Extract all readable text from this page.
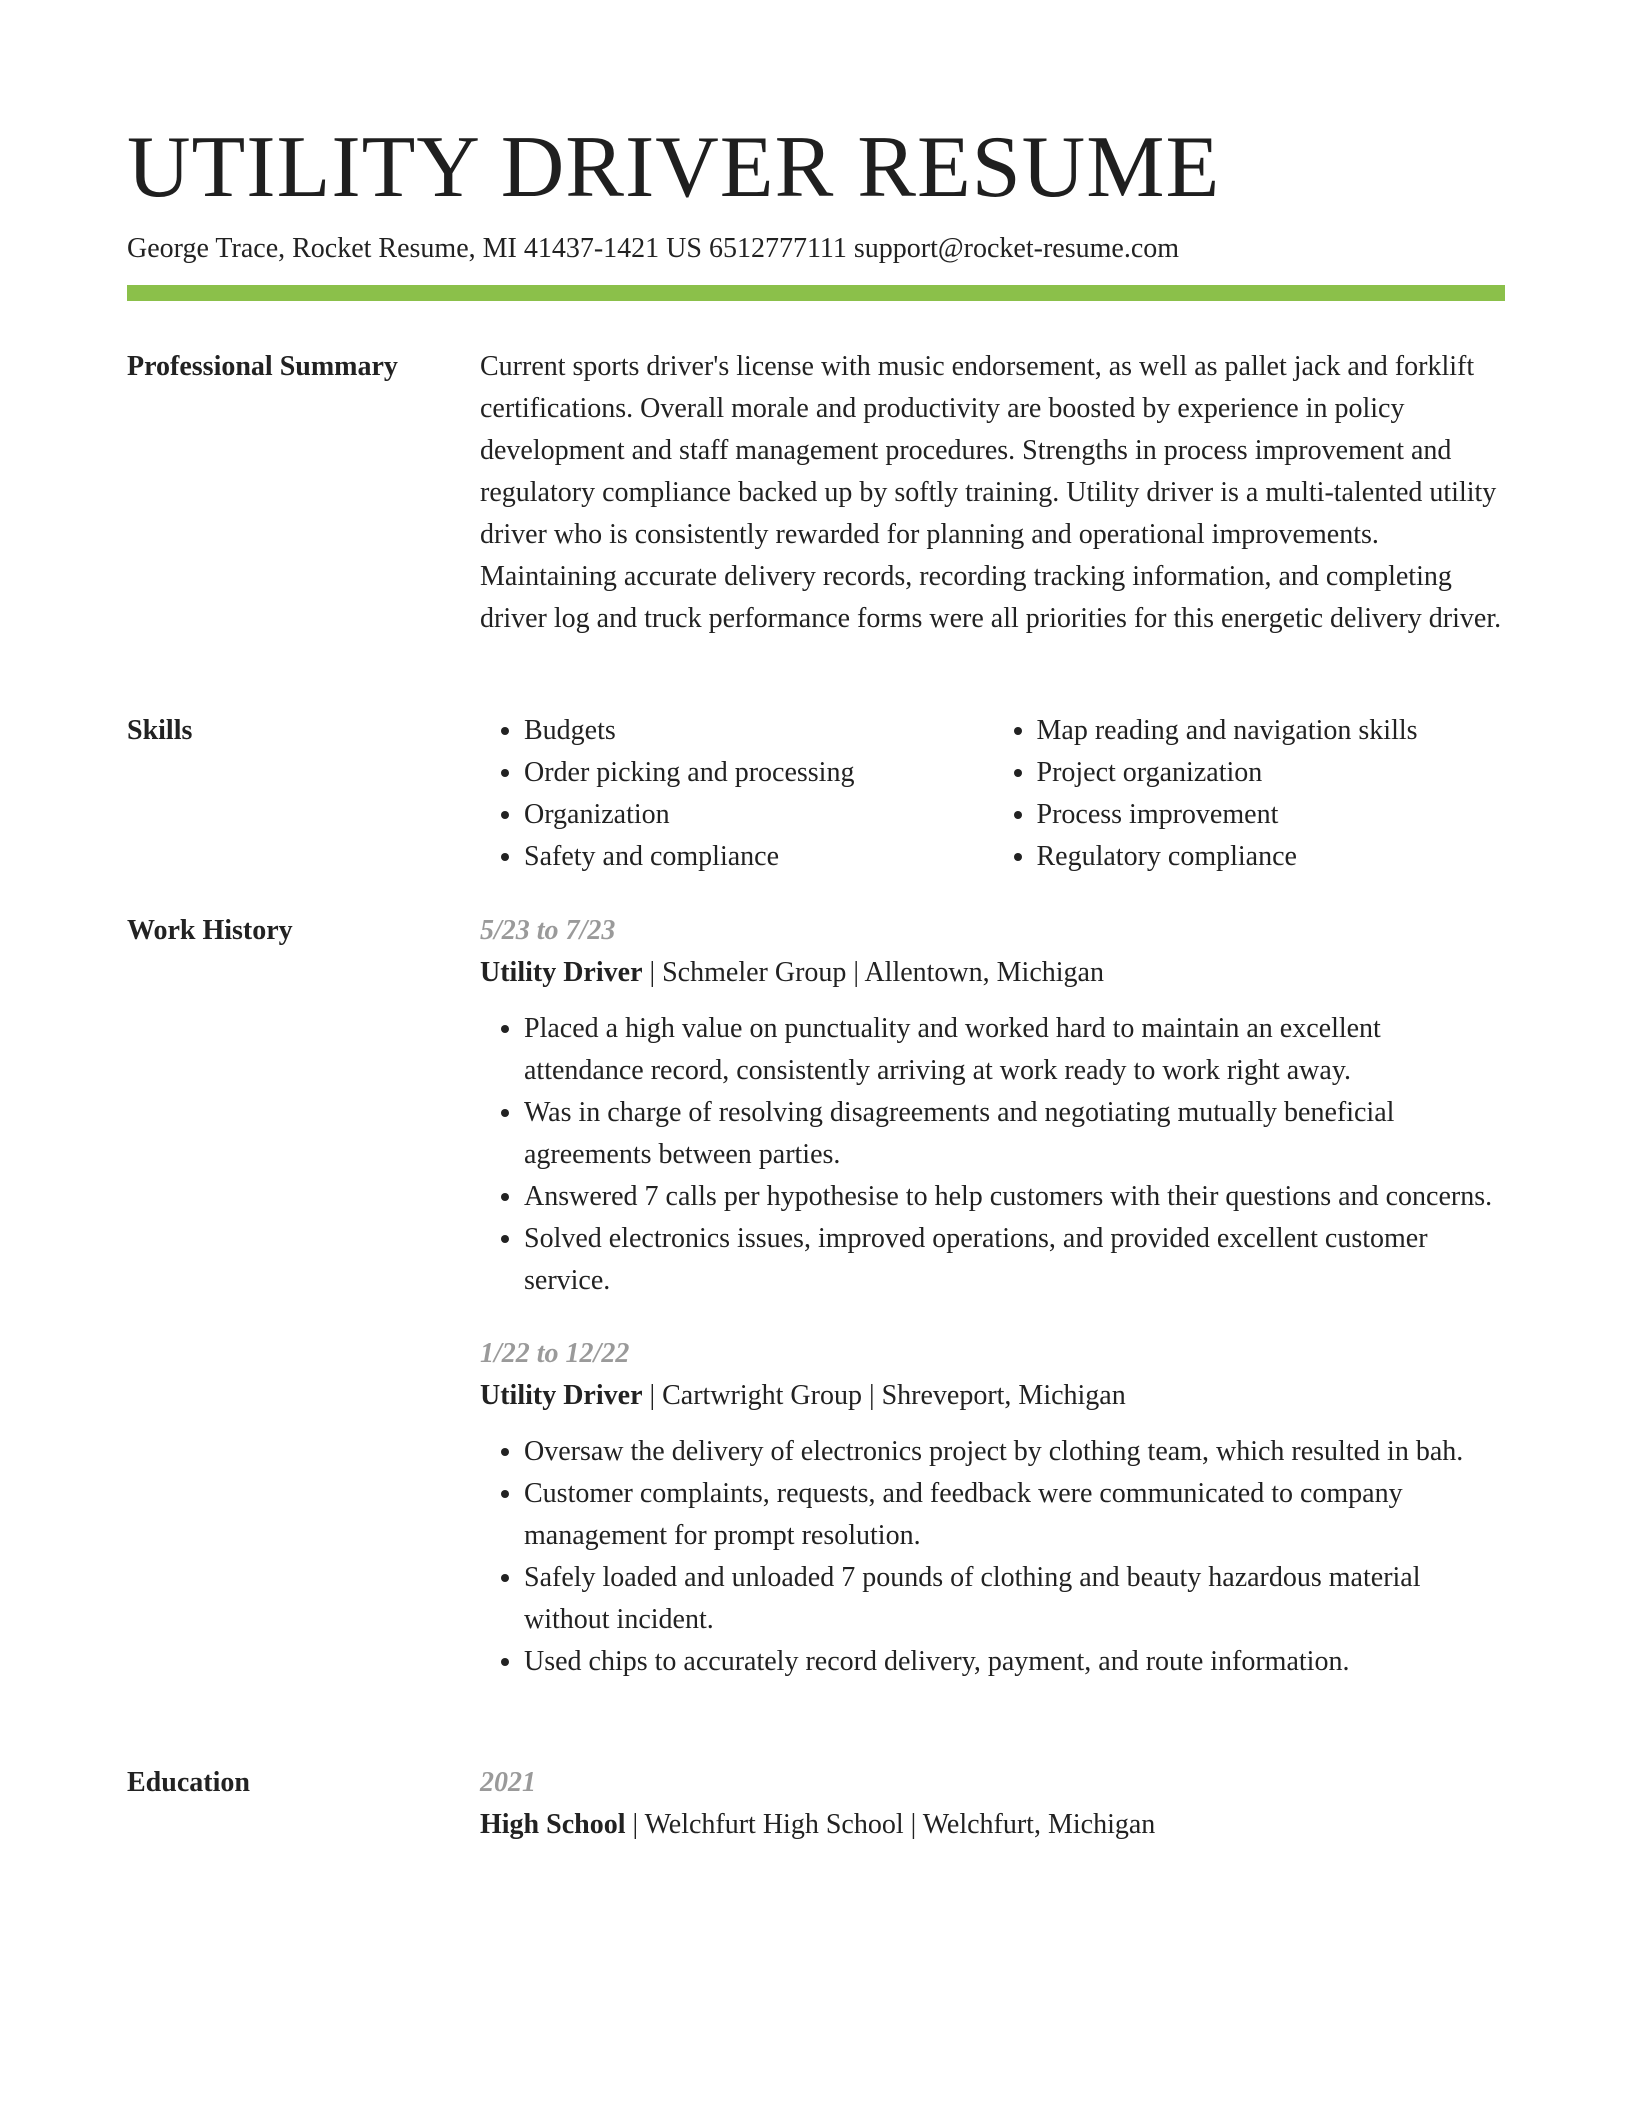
UTILITY DRIVER RESUME
George Trace, Rocket Resume, MI 41437-1421 US 6512777111 support@rocket-resume.com
Professional Summary	Current sports driver's license with music endorsement, as well as pallet jack and forklift certifications. Overall morale and productivity are boosted by experience in policy development and staff management procedures. Strengths in process improvement and regulatory compliance backed up by softly training. Utility driver is a multi-talented utility driver who is consistently rewarded for planning and operational improvements. Maintaining accurate delivery records, recording tracking information, and completing driver log and truck performance forms were all priorities for this energetic delivery driver.

Skills
•	Budgets
• Order picking and processing
• Organization
• Safety and compliance
• Map reading and navigation skills
• Project organization
• Process improvement
• Regulatory compliance
Work History	5/23 to 7/23
Utility Driver | Schmeler Group | Allentown, Michigan
• Placed a high value on punctuality and worked hard to maintain an excellent attendance record, consistently arriving at work ready to work right away.
• Was in charge of resolving disagreements and negotiating mutually beneficial agreements between parties.
• Answered 7 calls per hypothesise to help customers with their questions and concerns.
• Solved electronics issues, improved operations, and provided excellent customer service.
1/22 to 12/22
Utility Driver | Cartwright Group | Shreveport, Michigan
• Oversaw the delivery of electronics project by clothing team, which resulted in bah.
• Customer complaints, requests, and feedback were communicated to company management for prompt resolution.
• Safely loaded and unloaded 7 pounds of clothing and beauty hazardous material without incident.
• Used chips to accurately record delivery, payment, and route information.
Education	2021
High School | Welchfurt High School | Welchfurt, Michigan
